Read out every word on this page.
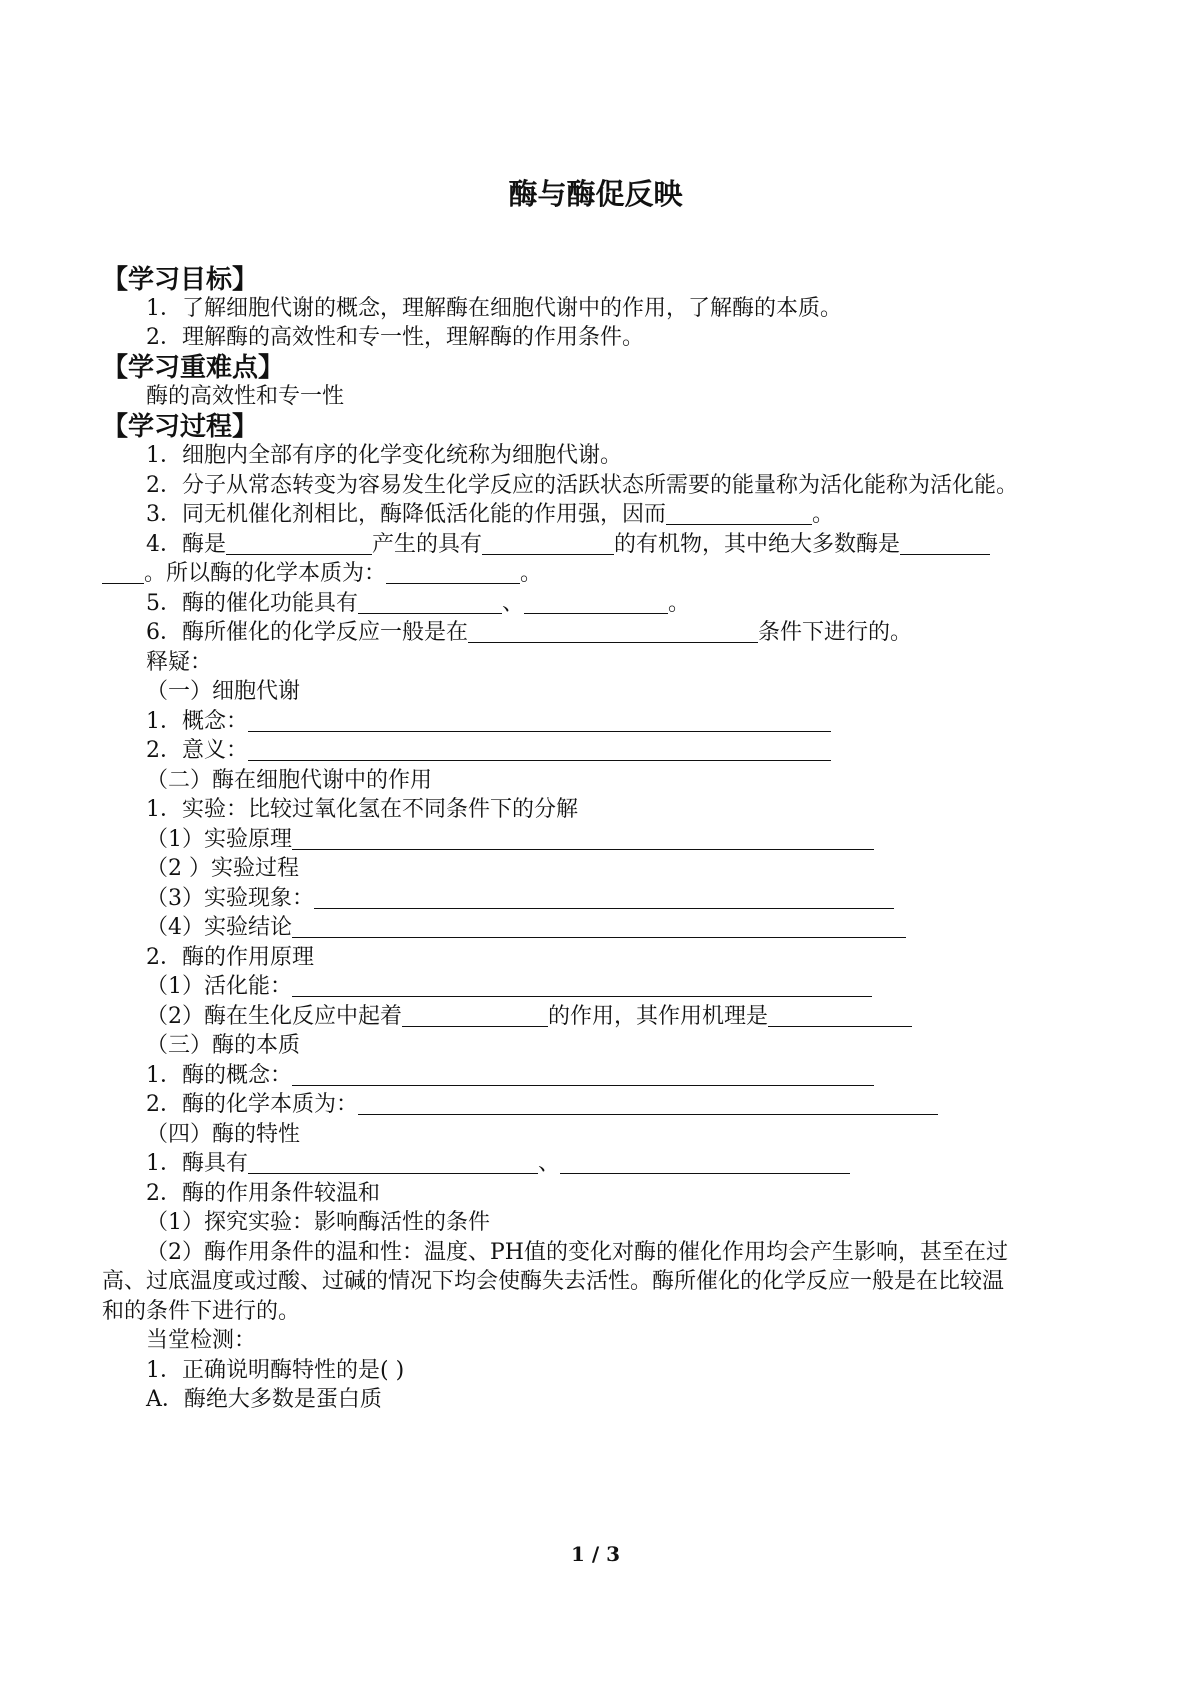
酶与酶促反映
【学习目标】
1．了解细胞代谢的概念，理解酶在细胞代谢中的作用，了解酶的本质。
2．理解酶的高效性和专一性，理解酶的作用条件。
【学习重难点】
酶的高效性和专一性
【学习过程】
1．细胞内全部有序的化学变化统称为细胞代谢。
2．分子从常态转变为容易发生化学反应的活跃状态所需要的能量称为活化能称为活化能。
3．同无机催化剂相比，酶降低活化能的作用强，因而	。
4．酶是	产生的具有	的有机物，其中绝大多数酶是
。所以酶的化学本质为：	。
5．酶的催化功能具有	、	。
6．酶所催化的化学反应一般是在	条件下进行的。
释疑：
（一）细胞代谢
1．概念：
2．意义：
（二）酶在细胞代谢中的作用
1．实验：比较过氧化氢在不同条件下的分解
（1）实验原理
（2 ）实验过程
（3）实验现象：
（4）实验结论
2．酶的作用原理
（1）活化能：
（2）酶在生化反应中起着	的作用，其作用机理是
（三）酶的本质
1．酶的概念：
2．酶的化学本质为：
（四）酶的特性
1．酶具有	、
2．酶的作用条件较温和
（1）探究实验：影响酶活性的条件
（2）酶作用条件的温和性：温度、PH值的变化对酶的催化作用均会产生影响，甚至在过
高、过底温度或过酸、过碱的情况下均会使酶失去活性。酶所催化的化学反应一般是在比较温
和的条件下进行的。
当堂检测：
1．正确说明酶特性的是( )
A．酶绝大多数是蛋白质
1 / 3
